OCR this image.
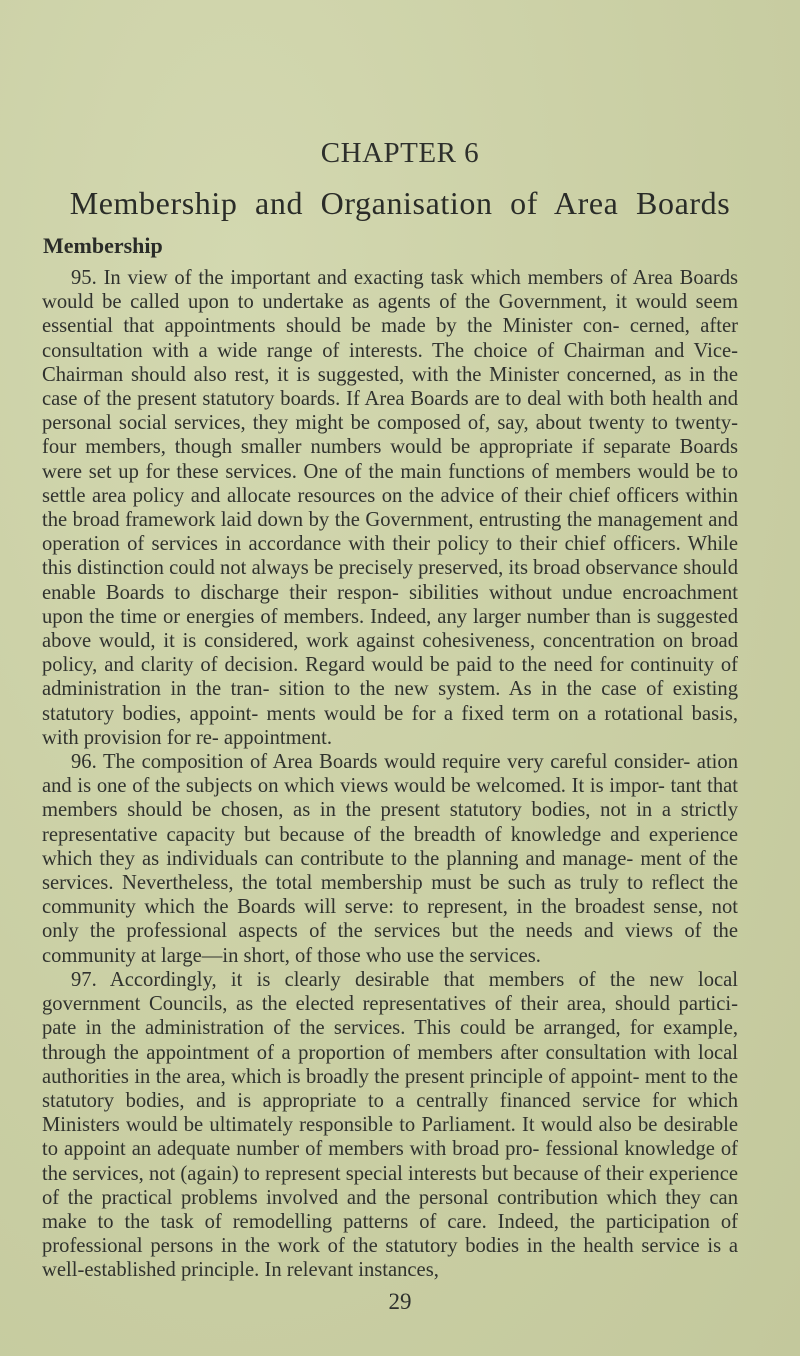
CHAPTER 6
Membership and Organisation of Area Boards
Membership

95. In view of the important and exacting task which members of Area Boards would be called upon to undertake as agents of the Government, it would seem essential that appointments should be made by the Minister con- cerned, after consultation with a wide range of interests. The choice of Chairman and Vice-Chairman should also rest, it is suggested, with the Minister concerned, as in the case of the present statutory boards. If Area Boards are to deal with both health and personal social services, they might be composed of, say, about twenty to twenty-four members, though smaller numbers would be appropriate if separate Boards were set up for these services. One of the main functions of members would be to settle area policy and allocate resources on the advice of their chief officers within the broad framework laid down by the Government, entrusting the management and operation of services in accordance with their policy to their chief officers. While this distinction could not always be precisely preserved, its broad observance should enable Boards to discharge their respon- sibilities without undue encroachment upon the time or energies of members. Indeed, any larger number than is suggested above would, it is considered, work against cohesiveness, concentration on broad policy, and clarity of decision. Regard would be paid to the need for continuity of administration in the tran- sition to the new system. As in the case of existing statutory bodies, appoint- ments would be for a fixed term on a rotational basis, with provision for re- appointment.

96. The composition of Area Boards would require very careful consider- ation and is one of the subjects on which views would be welcomed. It is impor- tant that members should be chosen, as in the present statutory bodies, not in a strictly representative capacity but because of the breadth of knowledge and experience which they as individuals can contribute to the planning and manage- ment of the services. Nevertheless, the total membership must be such as truly to reflect the community which the Boards will serve: to represent, in the broadest sense, not only the professional aspects of the services but the needs and views of the community at large—in short, of those who use the services.

97. Accordingly, it is clearly desirable that members of the new local government Councils, as the elected representatives of their area, should partici- pate in the administration of the services. This could be arranged, for example, through the appointment of a proportion of members after consultation with local authorities in the area, which is broadly the present principle of appoint- ment to the statutory bodies, and is appropriate to a centrally financed service for which Ministers would be ultimately responsible to Parliament. It would also be desirable to appoint an adequate number of members with broad pro- fessional knowledge of the services, not (again) to represent special interests but because of their experience of the practical problems involved and the personal contribution which they can make to the task of remodelling patterns of care. Indeed, the participation of professional persons in the work of the statutory bodies in the health service is a well-established principle. In relevant instances,

29
